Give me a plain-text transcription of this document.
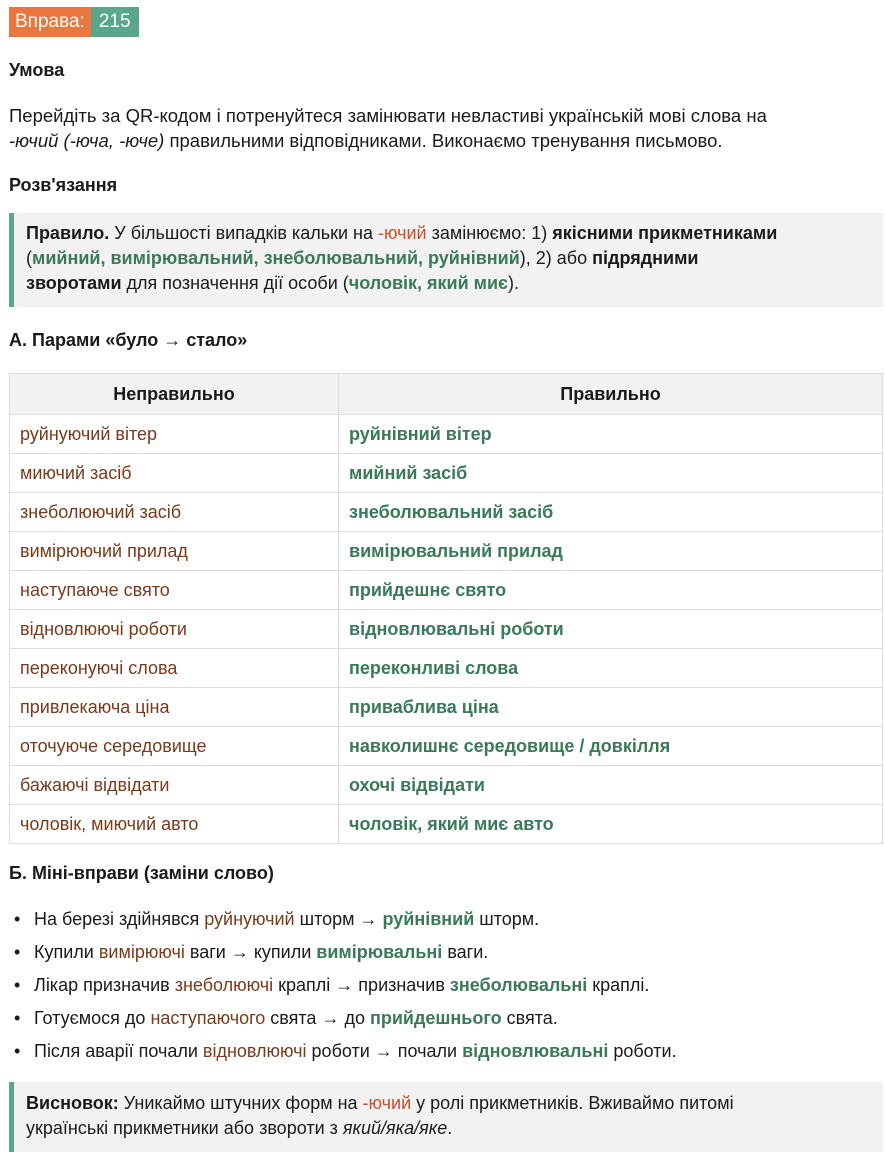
Вправа: 215
Умова
Перейдіть за QR-кодом і потренуйтеся замінювати невластиві українській мові слова на
-ючий (-юча, -юче) правильними відповідниками. Виконаємо тренування письмово.
Розв'язання
Правило. У більшості випадків кальки на -ючий замінюємо: 1) якісними прикметниками
(мийний, вимірювальний, знеболювальний, руйнівний), 2) або підрядними
зворотами для позначення дії особи (чоловік, який миє).
А. Парами «було → стало»
Неправильно	Правильно
руйнуючий вітер	руйнівний вітер
миючий засіб	мийний засіб
знеболюючий засіб	знеболювальний засіб
вимірюючий прилад	вимірювальний прилад
наступаюче свято	прийдешнє свято
відновлюючі роботи	відновлювальні роботи
переконуючі слова	переконливі слова
привлекаюча ціна	приваблива ціна
оточуюче середовище	навколишнє середовище / довкілля
бажаючі відвідати	охочі відвідати
чоловік, миючий авто	чоловік, який миє авто
Б. Міні-вправи (заміни слово)
• На березі здійнявся руйнуючий шторм → руйнівний шторм.
• Купили вимірюючі ваги → купили вимірювальні ваги.
• Лікар призначив знеболюючі краплі → призначив знеболювальні краплі.
• Готуємося до наступаючого свята → до прийдешнього свята.
• Після аварії почали відновлюючі роботи → почали відновлювальні роботи.
Висновок: Уникаймо штучних форм на -ючий у ролі прикметників. Вживаймо питомі
українські прикметники або звороти з який/яка/яке.
